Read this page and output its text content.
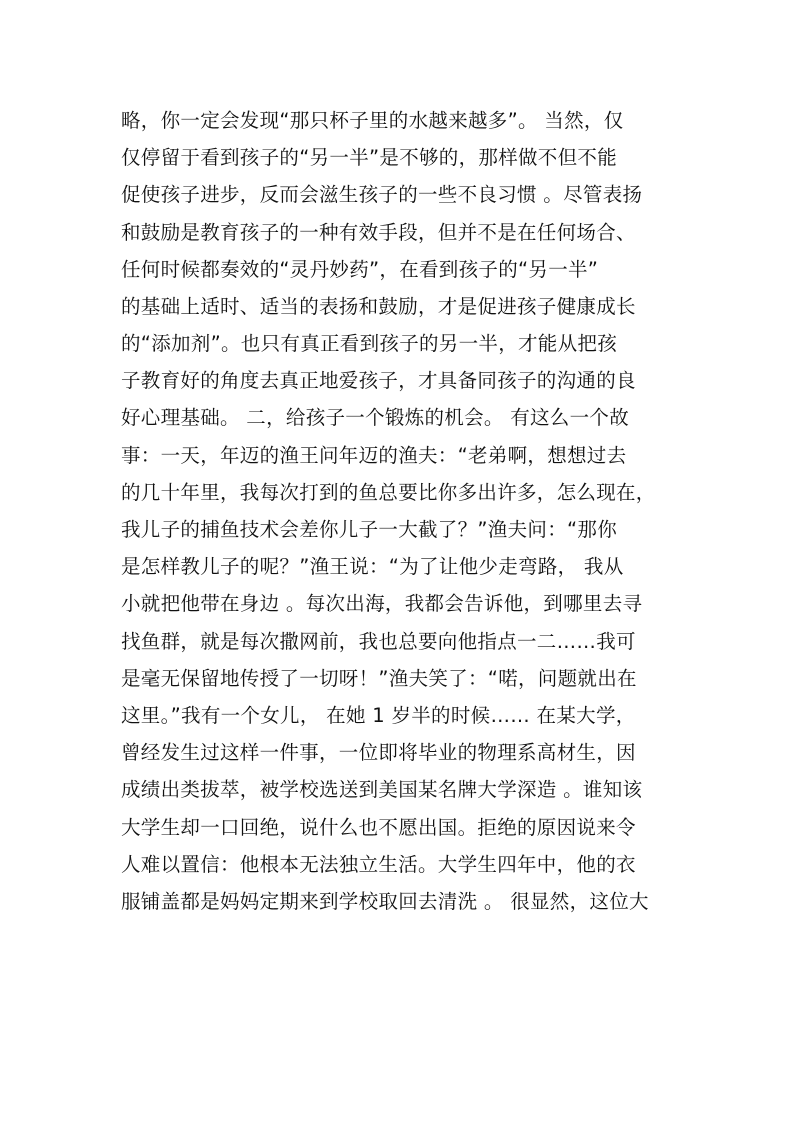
略，你一定会发现“那只杯子里的水越来越多”。 当然，仅

仅停留于看到孩子的“另一半”是不够的，那样做不但不能

促使孩子进步，反而会滋生孩子的一些不良习惯 。尽管表扬

和鼓励是教育孩子的一种有效手段，但并不是在任何场合、

任何时候都奏效的“灵丹妙药”，在看到孩子的“另一半”

的基础上适时、适当的表扬和鼓励，才是促进孩子健康成长

的“添加剂”。也只有真正看到孩子的另一半，才能从把孩

子教育好的角度去真正地爱孩子，才具备同孩子的沟通的良

好心理基础。 二，给孩子一个锻炼的机会。 有这么一个故

事：一天，年迈的渔王问年迈的渔夫：“老弟啊，想想过去

的几十年里，我每次打到的鱼总要比你多出许多，怎么现在，

我儿子的捕鱼技术会差你儿子一大截了？”渔夫问：“那你

是怎样教儿子的呢？”渔王说：“为了让他少走弯路， 我从

小就把他带在身边 。每次出海，我都会告诉他，到哪里去寻

找鱼群，就是每次撒网前，我也总要向他指点一二……我可

是毫无保留地传授了一切呀！”渔夫笑了：“喏，问题就出在

这里。”我有一个女儿， 在她 1 岁半的时候…… 在某大学，

曾经发生过这样一件事，一位即将毕业的物理系高材生，因

成绩出类拔萃，被学校选送到美国某名牌大学深造 。谁知该

大学生却一口回绝，说什么也不愿出国。拒绝的原因说来令

人难以置信：他根本无法独立生活。大学生四年中，他的衣

服铺盖都是妈妈定期来到学校取回去清洗 。 很显然，这位大
